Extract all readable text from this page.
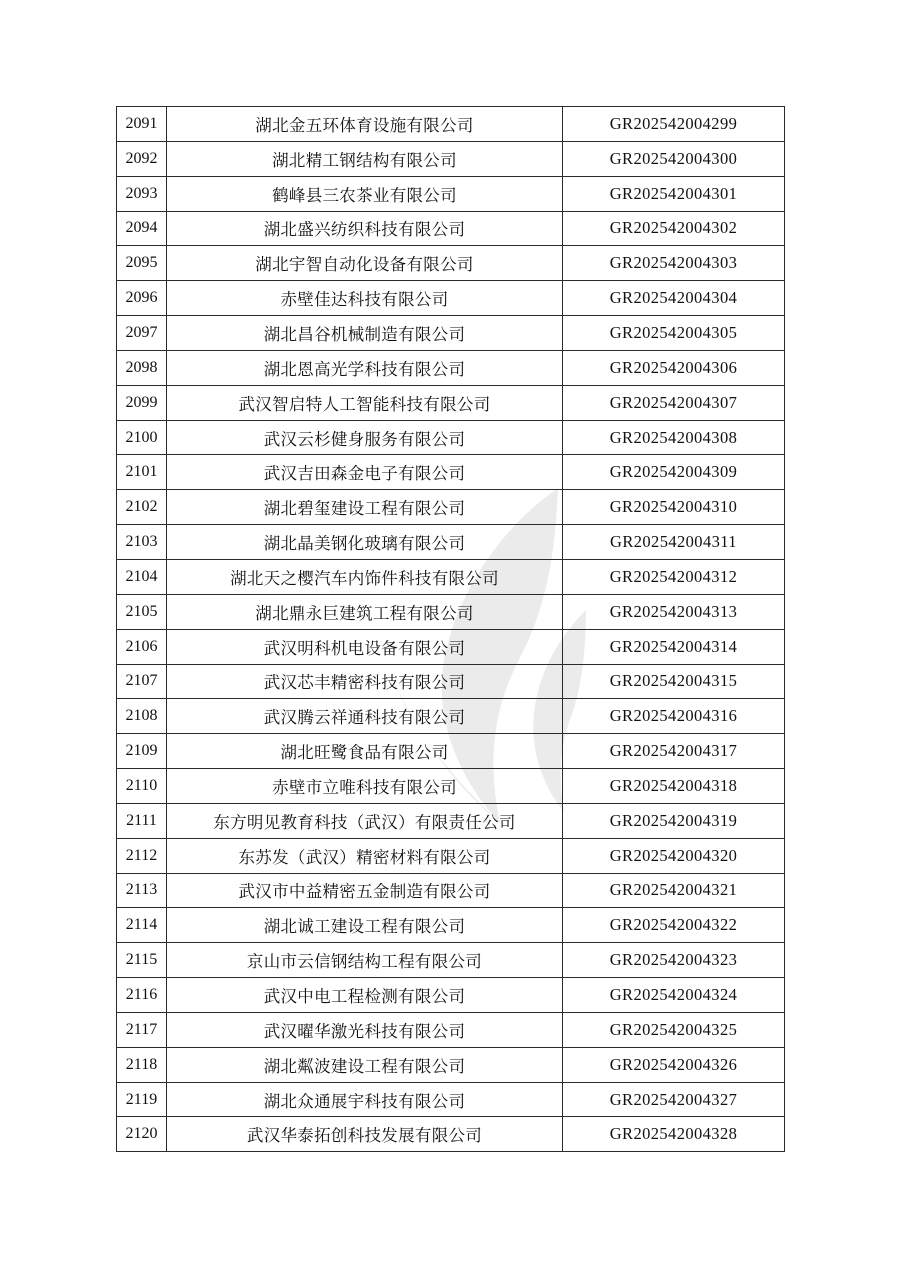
2091	湖北金五环体育设施有限公司	GR202542004299
2092	湖北精工钢结构有限公司	GR202542004300
2093	鹤峰县三农茶业有限公司	GR202542004301
2094	湖北盛兴纺织科技有限公司	GR202542004302
2095	湖北宇智自动化设备有限公司	GR202542004303
2096	赤壁佳达科技有限公司	GR202542004304
2097	湖北昌谷机械制造有限公司	GR202542004305
2098	湖北恩高光学科技有限公司	GR202542004306
2099	武汉智启特人工智能科技有限公司	GR202542004307
2100	武汉云杉健身服务有限公司	GR202542004308
2101	武汉吉田森金电子有限公司	GR202542004309
2102	湖北碧玺建设工程有限公司	GR202542004310
2103	湖北晶美钢化玻璃有限公司	GR202542004311
2104	湖北天之樱汽车内饰件科技有限公司	GR202542004312
2105	湖北鼎永巨建筑工程有限公司	GR202542004313
2106	武汉明科机电设备有限公司	GR202542004314
2107	武汉芯丰精密科技有限公司	GR202542004315
2108	武汉腾云祥通科技有限公司	GR202542004316
2109	湖北旺鹭食品有限公司	GR202542004317
2110	赤壁市立唯科技有限公司	GR202542004318
2111	东方明见教育科技（武汉）有限责任公司	GR202542004319
2112	东苏发（武汉）精密材料有限公司	GR202542004320
2113	武汉市中益精密五金制造有限公司	GR202542004321
2114	湖北诚工建设工程有限公司	GR202542004322
2115	京山市云信钢结构工程有限公司	GR202542004323
2116	武汉中电工程检测有限公司	GR202542004324
2117	武汉曜华激光科技有限公司	GR202542004325
2118	湖北粼波建设工程有限公司	GR202542004326
2119	湖北众通展宇科技有限公司	GR202542004327
2120	武汉华泰拓创科技发展有限公司	GR202542004328
